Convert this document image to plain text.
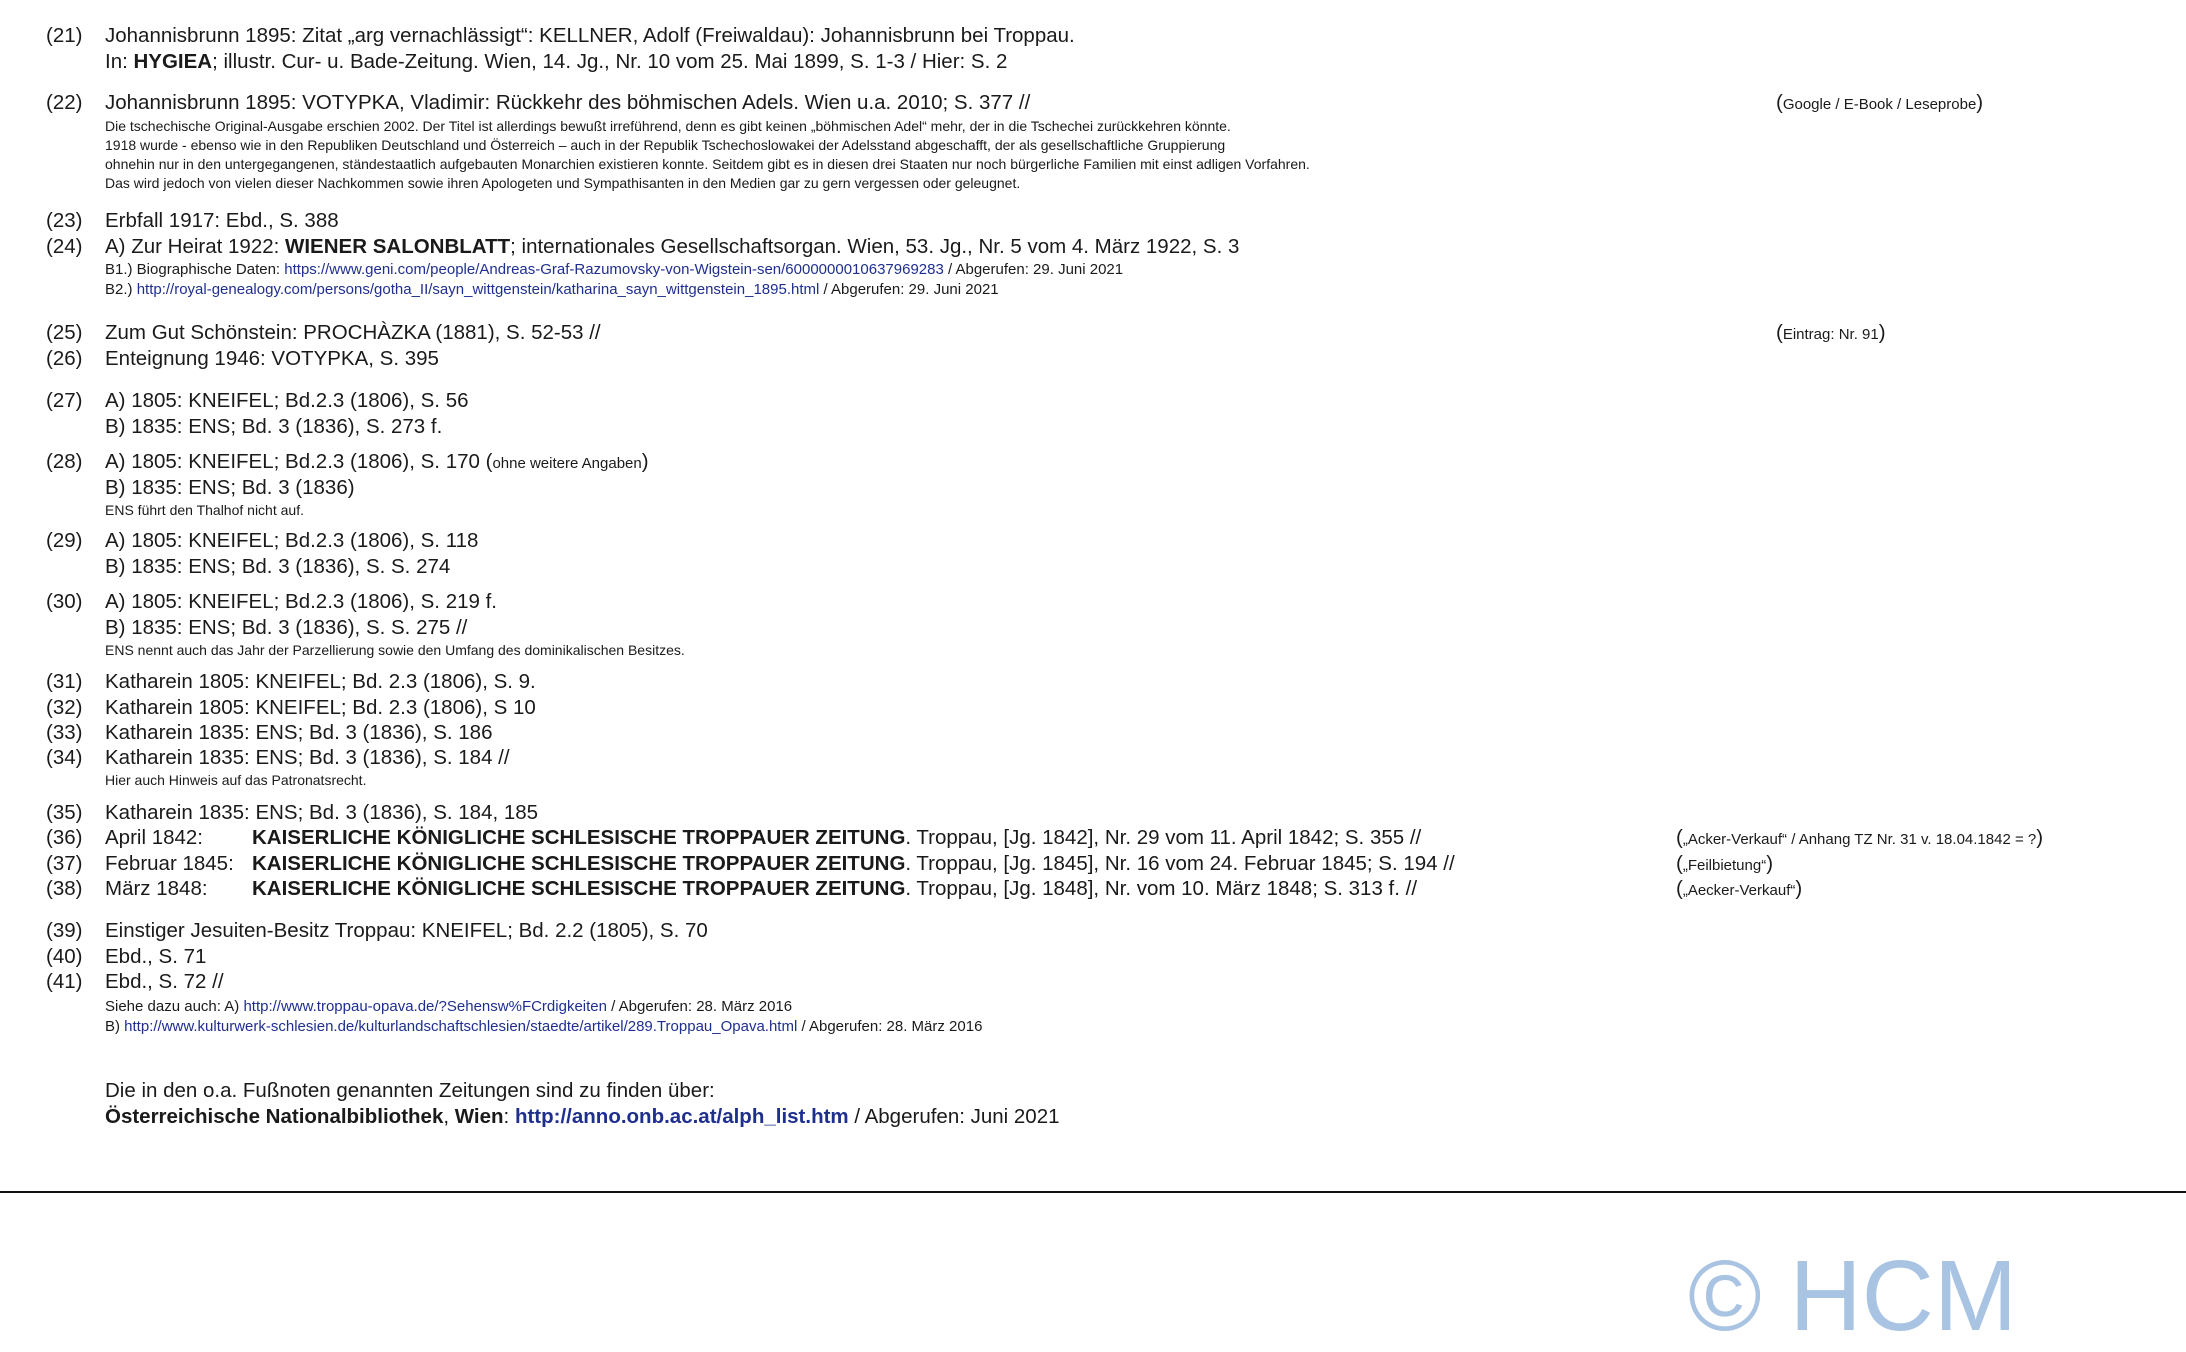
(21) Johannisbrunn 1895: Zitat „arg vernachlässigt“: KELLNER, Adolf (Freiwaldau): Johannisbrunn bei Troppau.
In: HYGIEA; illustr. Cur- u. Bade-Zeitung. Wien, 14. Jg., Nr. 10 vom 25. Mai 1899, S. 1-3 / Hier: S. 2
(22) Johannisbrunn 1895: VOTYPKA, Vladimir: Rückkehr des böhmischen Adels. Wien u.a. 2010; S. 377 //
Die tschechische Original-Ausgabe erschien 2002. Der Titel ist allerdings bewußt irreführend, denn es gibt keinen „böhmischen Adel“ mehr, der in die Tschechei zurückkehren könnte.
1918 wurde - ebenso wie in den Republiken Deutschland und Österreich – auch in der Republik Tschechoslowakei der Adelsstand abgeschafft, der als gesellschaftliche Gruppierung
ohnehin nur in den untergegangenen, ständestaatlich aufgebauten Monarchien existieren konnte. Seitdem gibt es in diesen drei Staaten nur noch bürgerliche Familien mit einst adligen Vorfahren.
Das wird jedoch von vielen dieser Nachkommen sowie ihren Apologeten und Sympathisanten in den Medien gar zu gern vergessen oder geleugnet.
(Google / E-Book / Leseprobe)
(23) Erbfall 1917: Ebd., S. 388
(24) A) Zur Heirat 1922: WIENER SALONBLATT; internationales Gesellschaftsorgan. Wien, 53. Jg., Nr. 5 vom 4. März 1922, S. 3
B1.) Biographische Daten: https://www.geni.com/people/Andreas-Graf-Razumovsky-von-Wigstein-sen/6000000010637969283 / Abgerufen: 29. Juni 2021
B2.) http://royal-genealogy.com/persons/gotha_II/sayn_wittgenstein/katharina_sayn_wittgenstein_1895.html / Abgerufen: 29. Juni 2021
(25) Zum Gut Schönstein: PROCHÀZKA (1881), S. 52-53 //	(Eintrag: Nr. 91)
(26) Enteignung 1946: VOTYPKA, S. 395
(27) A) 1805: KNEIFEL; Bd.2.3 (1806), S. 56
B) 1835: ENS; Bd. 3 (1836), S. 273 f.
(28) A) 1805: KNEIFEL; Bd.2.3 (1806), S. 170 (ohne weitere Angaben)
B) 1835: ENS; Bd. 3 (1836)
ENS führt den Thalhof nicht auf.
(29) A) 1805: KNEIFEL; Bd.2.3 (1806), S. 118
B) 1835: ENS; Bd. 3 (1836), S. S. 274
(30) A) 1805: KNEIFEL; Bd.2.3 (1806), S. 219 f.
B) 1835: ENS; Bd. 3 (1836), S. S. 275 //
ENS nennt auch das Jahr der Parzellierung sowie den Umfang des dominikalischen Besitzes.
(31) Katharein 1805: KNEIFEL; Bd. 2.3 (1806), S. 9.
(32) Katharein 1805: KNEIFEL; Bd. 2.3 (1806), S 10
(33) Katharein 1835: ENS; Bd. 3 (1836), S. 186
(34) Katharein 1835: ENS; Bd. 3 (1836), S. 184 //
Hier auch Hinweis auf das Patronatsrecht.
(35) Katharein 1835: ENS; Bd. 3 (1836), S. 184, 185
(36) April 1842: KAISERLICHE KÖNIGLICHE SCHLESISCHE TROPPAUER ZEITUNG. Troppau, [Jg. 1842], Nr. 29 vom 11. April 1842; S. 355 //	(„Acker-Verkauf“ / Anhang TZ Nr. 31 v. 18.04.1842 = ?)
(37) Februar 1845: KAISERLICHE KÖNIGLICHE SCHLESISCHE TROPPAUER ZEITUNG. Troppau, [Jg. 1845], Nr. 16 vom 24. Februar 1845; S. 194 //	(„Feilbietung“)
(38) März 1848: KAISERLICHE KÖNIGLICHE SCHLESISCHE TROPPAUER ZEITUNG. Troppau, [Jg. 1848], Nr. vom 10. März 1848; S. 313 f. //	(„Aecker-Verkauf“)
(39) Einstiger Jesuiten-Besitz Troppau: KNEIFEL; Bd. 2.2 (1805), S. 70
(40) Ebd., S. 71
(41) Ebd., S. 72 //
Siehe dazu auch: A) http://www.troppau-opava.de/?Sehensw%FCrdigkeiten / Abgerufen: 28. März 2016
B) http://www.kulturwerk-schlesien.de/kulturlandschaftschlesien/staedte/artikel/289.Troppau_Opava.html / Abgerufen: 28. März 2016
Die in den o.a. Fußnoten genannten Zeitungen sind zu finden über:
Österreichische Nationalbibliothek, Wien: http://anno.onb.ac.at/alph_list.htm / Abgerufen: Juni 2021
© HCM
